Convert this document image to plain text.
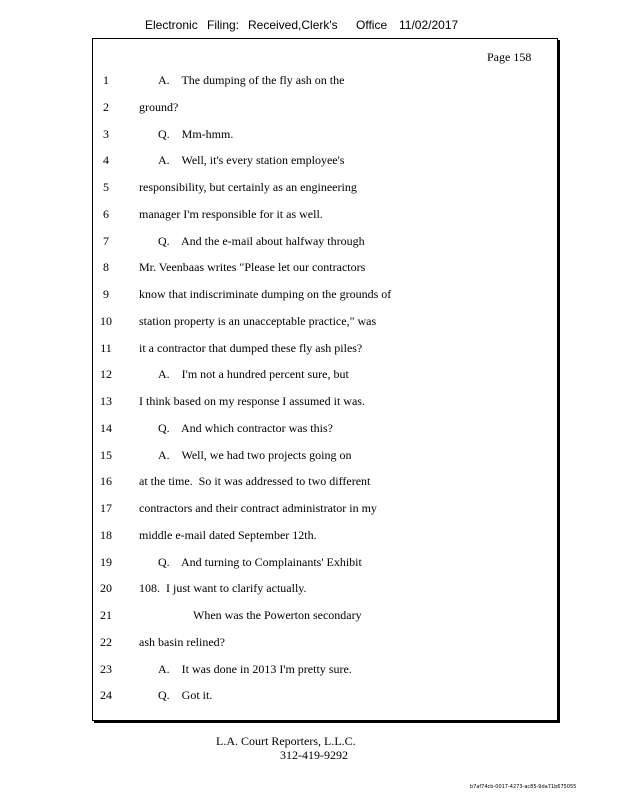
Electronic Filing: Received,Clerk's Office 11/02/2017
Page 158
1	A.    The dumping of the fly ash on the
2	ground?
3	Q.    Mm-hmm.
4	A.    Well, it's every station employee's
5	responsibility, but certainly as an engineering
6	manager I'm responsible for it as well.
7	Q.    And the e-mail about halfway through
8	Mr. Veenbaas writes "Please let our contractors
9	know that indiscriminate dumping on the grounds of
10	station property is an unacceptable practice," was
11	it a contractor that dumped these fly ash piles?
12	A.    I'm not a hundred percent sure, but
13	I think based on my response I assumed it was.
14	Q.    And which contractor was this?
15	A.    Well, we had two projects going on
16	at the time.  So it was addressed to two different
17	contractors and their contract administrator in my
18	middle e-mail dated September 12th.
19	Q.    And turning to Complainants' Exhibit
20	108.  I just want to clarify actually.
21	When was the Powerton secondary
22	ash basin relined?
23	A.    It was done in 2013 I'm pretty sure.
24	Q.    Got it.
L.A. Court Reporters, L.L.C.
312-419-9292
b7af74cb-0017-4273-ac85-9da71b675055
